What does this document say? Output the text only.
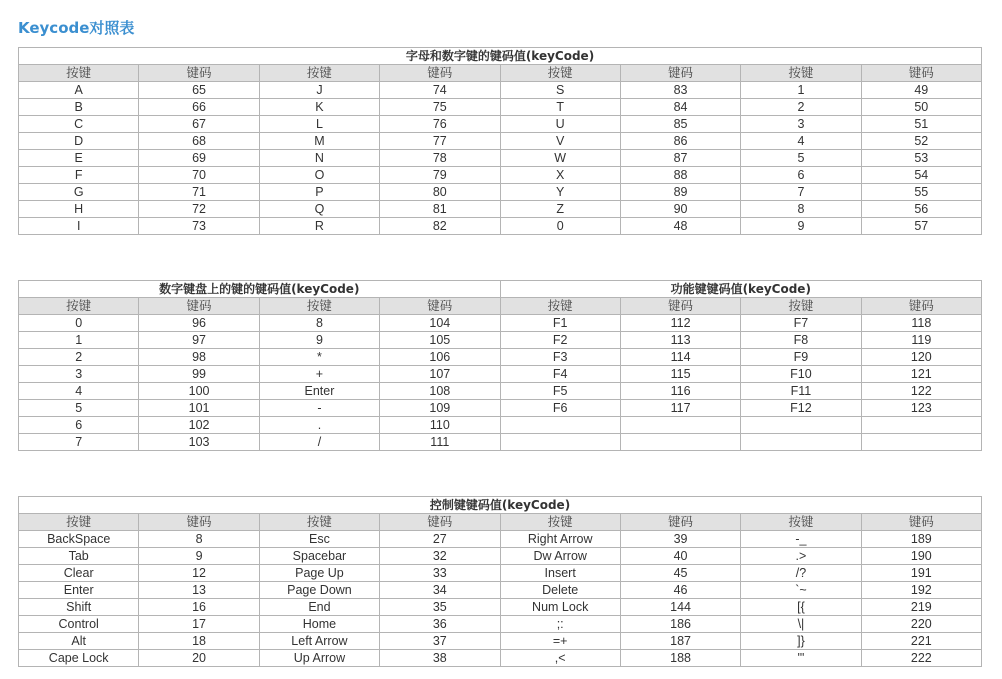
Keycode对照表
字母和数字键的键码值(keyCode)							
按键	键码	按键	键码	按键	键码	按键	键码
A	65	J	74	S	83	1	49
B	66	K	75	T	84	2	50
C	67	L	76	U	85	3	51
D	68	M	77	V	86	4	52
E	69	N	78	W	87	5	53
F	70	O	79	X	88	6	54
G	71	P	80	Y	89	7	55
H	72	Q	81	Z	90	8	56
I	73	R	82	0	48	9	57
数字键盘上的键的键码值(keyCode)				功能键键码值(keyCode)			
按键	键码	按键	键码	按键	键码	按键	键码
0	96	8	104	F1	112	F7	118
1	97	9	105	F2	113	F8	119
2	98	*	106	F3	114	F9	120
3	99	+	107	F4	115	F10	121
4	100	Enter	108	F5	116	F11	122
5	101	-	109	F6	117	F12	123
6	102	.	110				
7	103	/	111				
控制键键码值(keyCode)							
按键	键码	按键	键码	按键	键码	按键	键码
BackSpace	8	Esc	27	Right Arrow	39	-_	189
Tab	9	Spacebar	32	Dw Arrow	40	.>	190
Clear	12	Page Up	33	Insert	45	/?	191
Enter	13	Page Down	34	Delete	46	`~	192
Shift	16	End	35	Num Lock	144	[{	219
Control	17	Home	36	;:	186	\|	220
Alt	18	Left Arrow	37	=+	187	]}	221
Cape Lock	20	Up Arrow	38	,<	188	'"	222
